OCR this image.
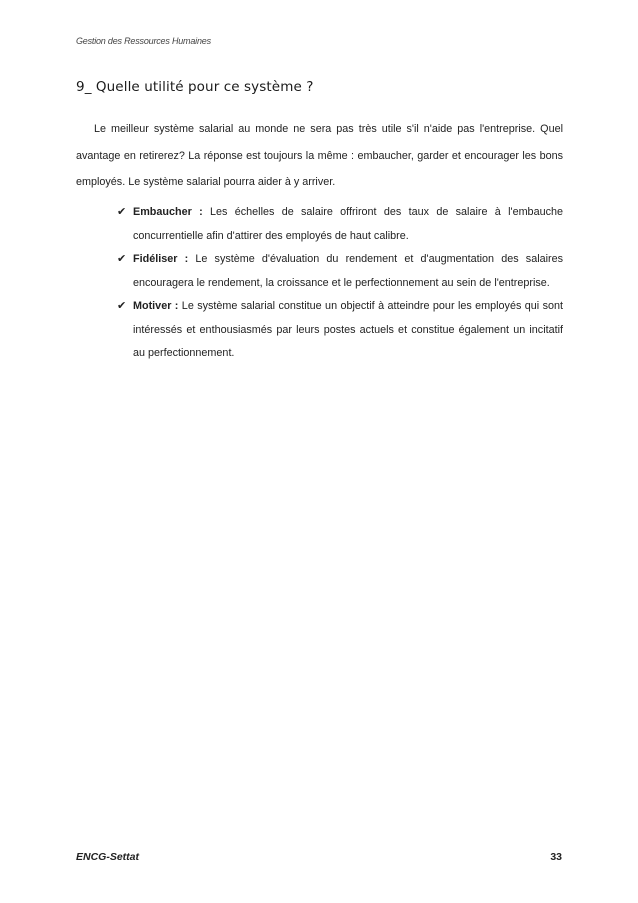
Gestion des Ressources Humaines
9_ Quelle utilité pour ce système ?

Le meilleur système salarial au monde ne sera pas très utile s'il n'aide pas l'entreprise. Quel avantage en retirerez? La réponse est toujours la même : embaucher, garder et encourager les bons employés. Le système salarial pourra aider à y arriver.

✔ Embaucher : Les échelles de salaire offriront des taux de salaire à l'embauche concurrentielle afin d'attirer des employés de haut calibre.
✔ Fidéliser : Le système d'évaluation du rendement et d'augmentation des salaires encouragera le rendement, la croissance et le perfectionnement au sein de l'entreprise.
✔ Motiver : Le système salarial constitue un objectif à atteindre pour les employés qui sont intéressés et enthousiasmés par leurs postes actuels et constitue également un incitatif au perfectionnement.
ENCG-Settat	33
